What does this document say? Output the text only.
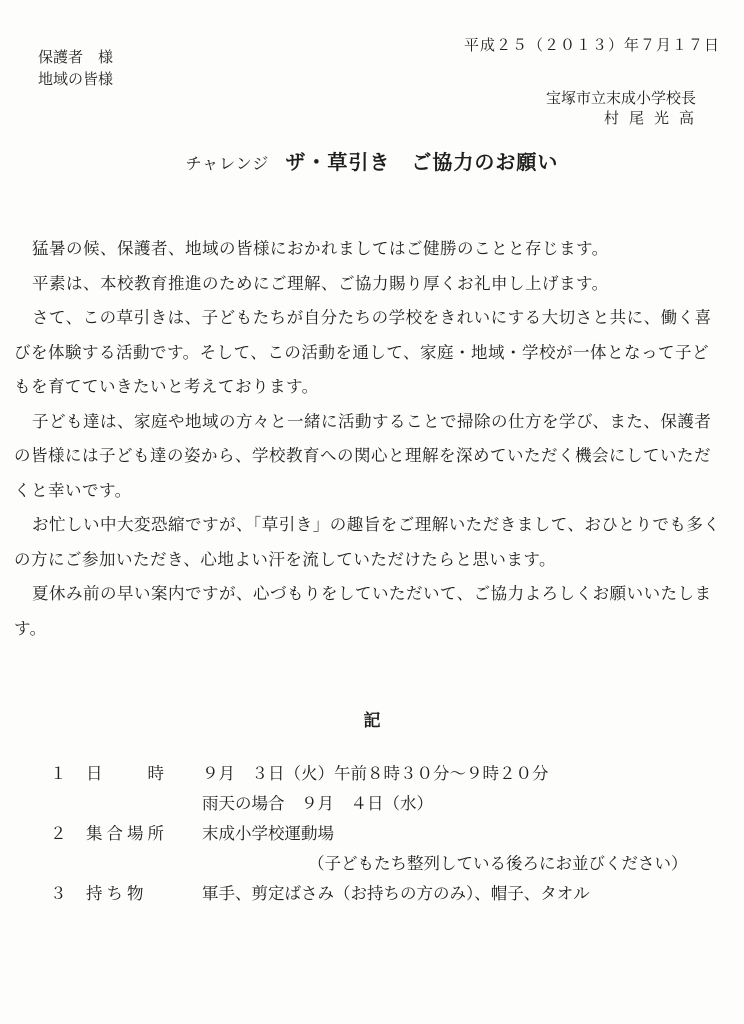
平成２５（２０１３）年７月１７日
保護者　様
地域の皆様
宝塚市立末成小学校長
村尾光高
チャレンジ ザ・草引き　ご協力のお願い

猛暑の候、保護者、地域の皆様におかれましてはご健勝のことと存じます。

平素は、本校教育推進のためにご理解、ご協力賜り厚くお礼申し上げます。

さて、この草引きは、子どもたちが自分たちの学校をきれいにする大切さと共に、働く喜びを体験する活動です。そして、この活動を通して、家庭・地域・学校が一体となって子どもを育てていきたいと考えております。

子ども達は、家庭や地域の方々と一緒に活動することで掃除の仕方を学び、また、保護者の皆様には子ども達の姿から、学校教育への関心と理解を深めていただく機会にしていただくと幸いです。

お忙しい中大変恐縮ですが、「草引き」の趣旨をご理解いただきまして、おひとりでも多くの方にご参加いただき、心地よい汗を流していただけたらと思います。

夏休み前の早い案内ですが、心づもりをしていただいて、ご協力よろしくお願いいたします。

記
１ 日　　時 ９月　３日（火）午前８時３０分～９時２０分
雨天の場合　９月　４日（水）
２ 集合場所 末成小学校運動場
（子どもたち整列している後ろにお並びください）
３ 持ち物	軍手、剪定ばさみ（お持ちの方のみ）、帽子、タオル
